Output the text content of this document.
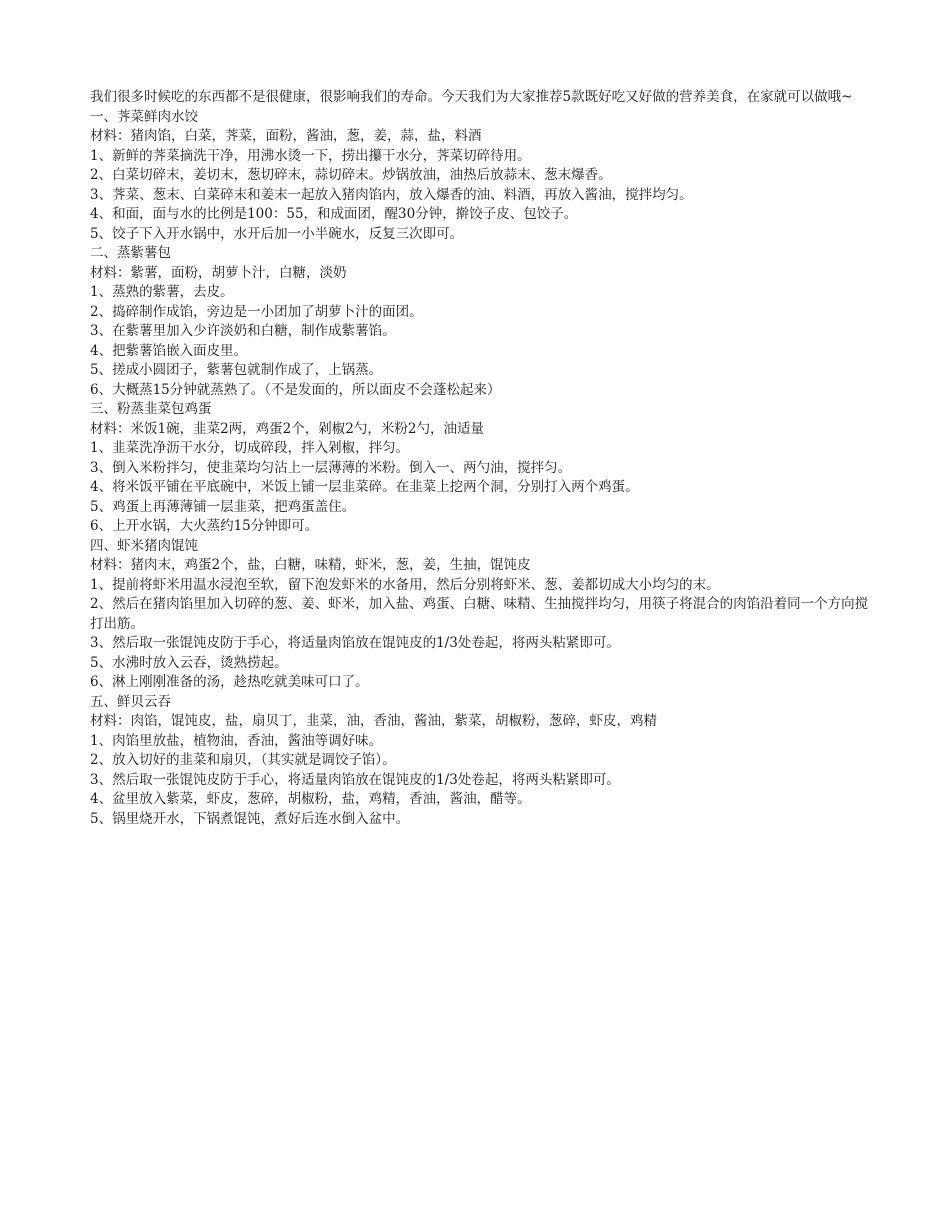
我们很多时候吃的东西都不是很健康，很影响我们的寿命。今天我们为大家推荐5款既好吃又好做的营养美食，在家就可以做哦~

一、荠菜鲜肉水饺

材料：猪肉馅，白菜，荠菜，面粉，酱油，葱，姜，蒜，盐，料酒

1、新鲜的荠菜摘洗干净，用沸水烫一下，捞出攥干水分，荠菜切碎待用。

2、白菜切碎末，姜切末，葱切碎末，蒜切碎末。炒锅放油，油热后放蒜末、葱末爆香。

3、荠菜、葱末、白菜碎末和姜末一起放入猪肉馅内，放入爆香的油、料酒，再放入酱油，搅拌均匀。

4、和面，面与水的比例是100：55，和成面团，醒30分钟，擀饺子皮、包饺子。

5、饺子下入开水锅中，水开后加一小半碗水，反复三次即可。

二、蒸紫薯包

材料：紫薯，面粉，胡萝卜汁，白糖，淡奶

1、蒸熟的紫薯，去皮。

2、捣碎制作成馅，旁边是一小团加了胡萝卜汁的面团。

3、在紫薯里加入少许淡奶和白糖，制作成紫薯馅。

4、把紫薯馅嵌入面皮里。

5、搓成小圆团子，紫薯包就制作成了，上锅蒸。

6、大概蒸15分钟就蒸熟了。（不是发面的，所以面皮不会蓬松起来）

三、粉蒸韭菜包鸡蛋

材料：米饭1碗，韭菜2两，鸡蛋2个，剁椒2勺，米粉2勺，油适量

1、韭菜洗净沥干水分，切成碎段，拌入剁椒，拌匀。

3、倒入米粉拌匀，使韭菜均匀沾上一层薄薄的米粉。倒入一、两勺油，搅拌匀。

4、将米饭平铺在平底碗中，米饭上铺一层韭菜碎。在韭菜上挖两个洞，分别打入两个鸡蛋。

5、鸡蛋上再薄薄铺一层韭菜，把鸡蛋盖住。

6、上开水锅，大火蒸约15分钟即可。

四、虾米猪肉馄饨

材料：猪肉末，鸡蛋2个，盐，白糖，味精，虾米，葱，姜，生抽，馄饨皮

1、提前将虾米用温水浸泡至软，留下泡发虾米的水备用，然后分别将虾米、葱、姜都切成大小均匀的末。

2、然后在猪肉馅里加入切碎的葱、姜、虾米，加入盐、鸡蛋、白糖、味精、生抽搅拌均匀，用筷子将混合的肉馅沿着同一个方向搅打出筋。

3、然后取一张馄饨皮防于手心，将适量肉馅放在馄饨皮的1/3处卷起，将两头粘紧即可。

5、水沸时放入云吞，烫熟捞起。

6、淋上刚刚准备的汤，趁热吃就美味可口了。

五、鲜贝云吞

材料：肉馅，馄饨皮，盐，扇贝丁，韭菜，油，香油，酱油，紫菜，胡椒粉，葱碎，虾皮，鸡精

1、肉馅里放盐，植物油，香油，酱油等调好味。

2、放入切好的韭菜和扇贝，（其实就是调饺子馅）。

3、然后取一张馄饨皮防于手心，将适量肉馅放在馄饨皮的1/3处卷起，将两头粘紧即可。

4、盆里放入紫菜，虾皮，葱碎，胡椒粉，盐，鸡精，香油，酱油，醋等。

5、锅里烧开水，下锅煮馄饨，煮好后连水倒入盆中。
